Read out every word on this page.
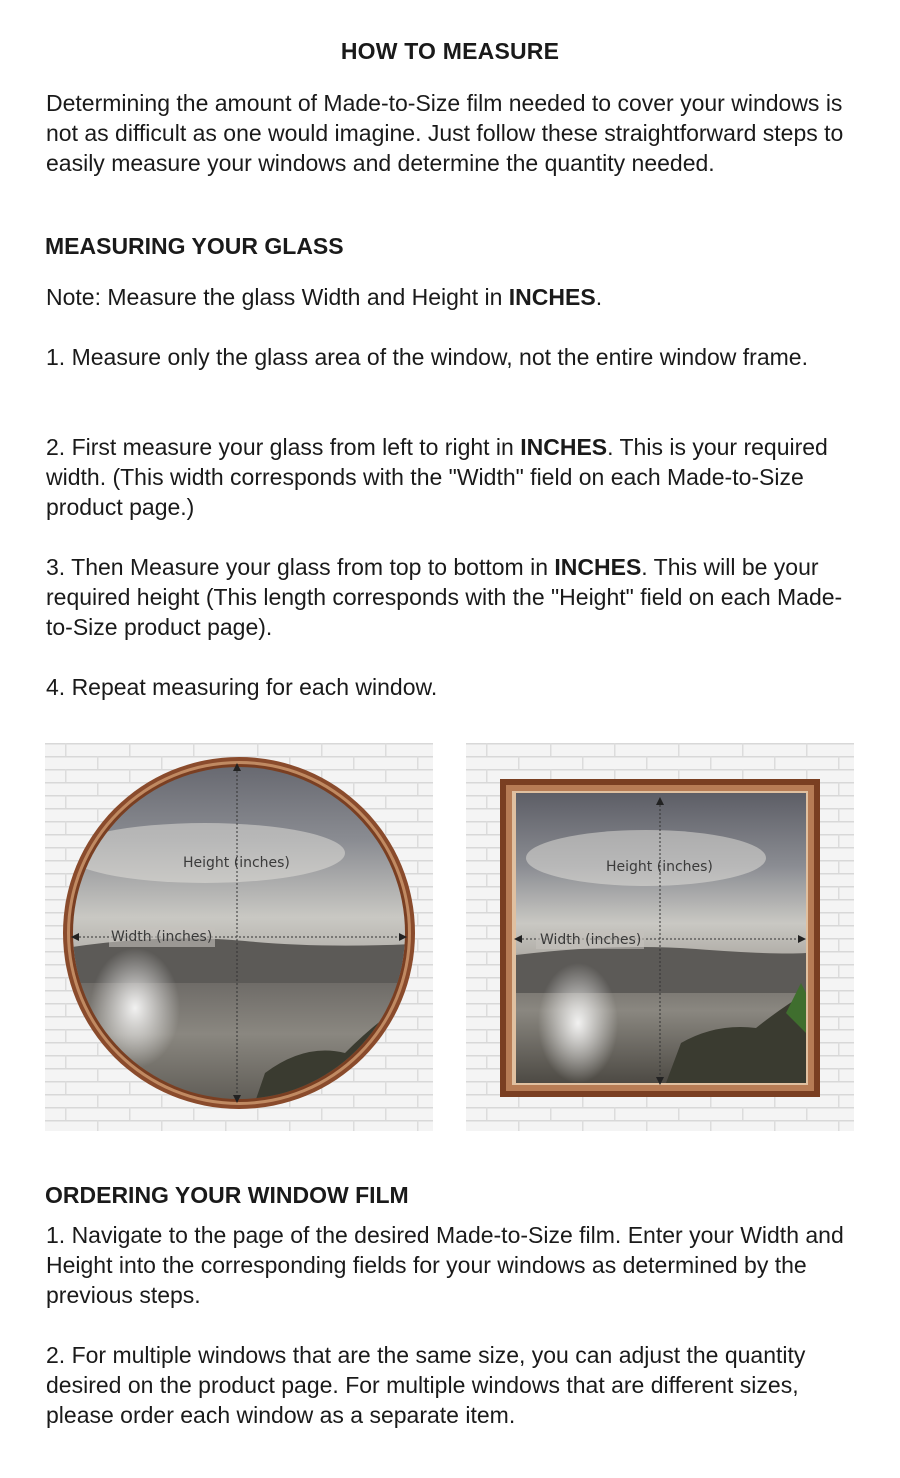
HOW TO MEASURE

Determining the amount of Made-to-Size film needed to cover your windows is not as difficult as one would imagine. Just follow these straightforward steps to easily measure your windows and determine the quantity needed.

MEASURING YOUR GLASS

Note: Measure the glass Width and Height in INCHES.

1. Measure only the glass area of the window, not the entire window frame.

2. First measure your glass from left to right in INCHES. This is your required width. (This width corresponds with the "Width" field on each Made-to-Size product page.)

3. Then Measure your glass from top to bottom in INCHES. This will be your required height (This length corresponds with the "Height" field on each Made-to-Size product page).

4. Repeat measuring for each window.

Height (inches)
Width (inches)
Height (inches)
Width (inches)
ORDERING YOUR WINDOW FILM

1. Navigate to the page of the desired Made-to-Size film. Enter your Width and Height into the corresponding fields for your windows as determined by the previous steps.

2. For multiple windows that are the same size, you can adjust the quantity desired on the product page. For multiple windows that are different sizes, please order each window as a separate item.
